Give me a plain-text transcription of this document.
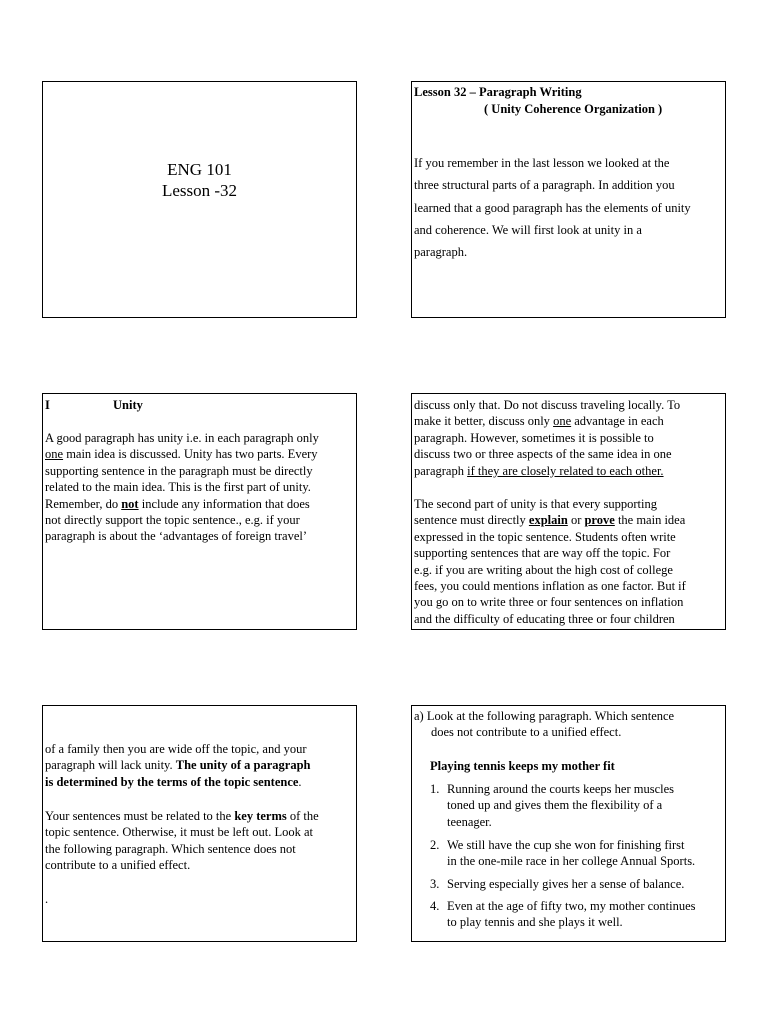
ENG 101
Lesson -32
Lesson 32 – Paragraph Writing
( Unity Coherence Organization )
If you remember in the last lesson we looked at the
three structural parts of a paragraph. In addition you
learned that a good paragraph has the elements of unity
and coherence. We will first look at unity in a
paragraph.
I	Unity
A good paragraph has unity i.e. in each paragraph only
one main idea is discussed. Unity has two parts. Every
supporting sentence in the paragraph must be directly
related to the main idea. This is the first part of unity.
Remember, do not include any information that does
not directly support the topic sentence., e.g. if your
paragraph is about the ‘advantages of foreign travel’
discuss only that. Do not discuss traveling locally. To
make it better, discuss only one advantage in each
paragraph. However, sometimes it is possible to
discuss two or three aspects of the same idea in one
paragraph if they are closely related to each other.
The second part of unity is that every supporting
sentence must directly explain or prove the main idea
expressed in the topic sentence. Students often write
supporting sentences that are way off the topic. For
e.g. if you are writing about the high cost of college
fees, you could mentions inflation as one factor. But if
you go on to write three or four sentences on inflation
and the difficulty of educating three or four children
of a family then you are wide off the topic, and your
paragraph will lack unity. The unity of a paragraph
is determined by the terms of the topic sentence.
Your sentences must be related to the key terms of the
topic sentence. Otherwise, it must be left out. Look at
the following paragraph. Which sentence does not
contribute to a unified effect.
.
a) Look at the following paragraph. Which sentence
does not contribute to a unified effect.
Playing tennis keeps my mother fit
1. Running around the courts keeps her muscles
toned up and gives them the flexibility of a
teenager.
2. We still have the cup she won for finishing first
in the one-mile race in her college Annual Sports.
3. Serving especially gives her a sense of balance.
4. Even at the age of fifty two, my mother continues
to play tennis and she plays it well.
